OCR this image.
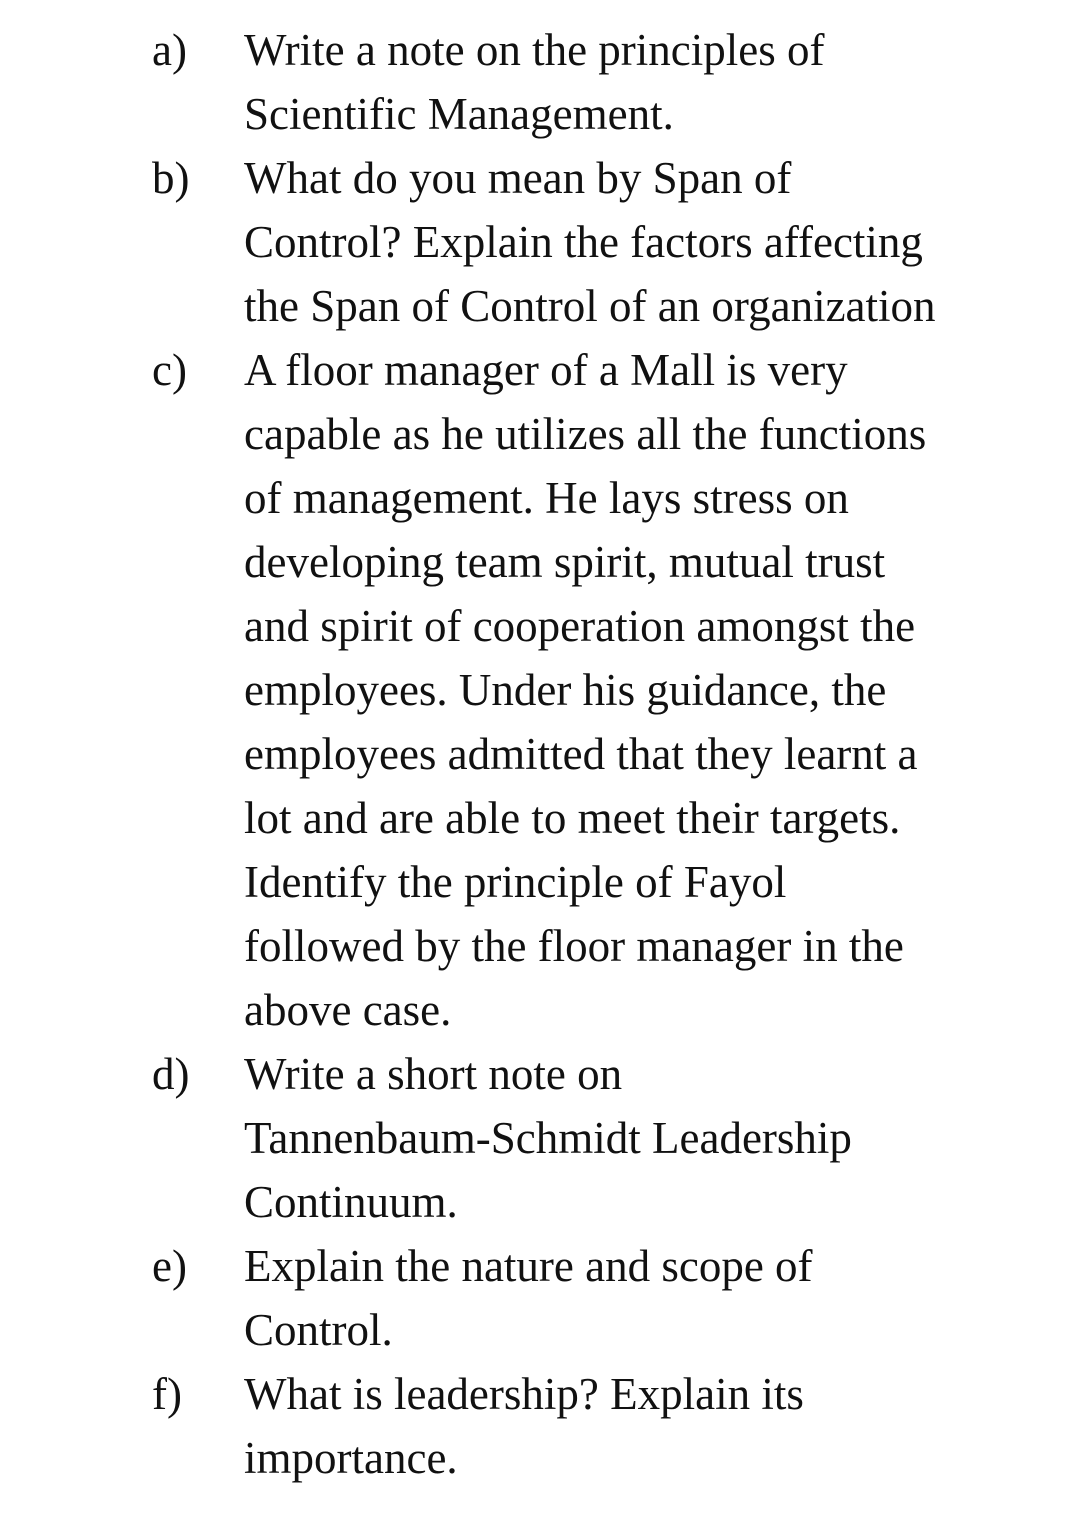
a)	Write a note on the principles of
Scientific Management.
b)	What do you mean by Span of
Control? Explain the factors affecting
the Span of Control of an organization
c)	A floor manager of a Mall is very
capable as he utilizes all the functions
of management. He lays stress on
developing team spirit, mutual trust
and spirit of cooperation amongst the
employees. Under his guidance, the
employees admitted that they learnt a
lot and are able to meet their targets.
Identify the principle of Fayol
followed by the floor manager in the
above case.
d)	Write a short note on
Tannenbaum-Schmidt Leadership
Continuum.
e)	Explain the nature and scope of
Control.
f)	What is leadership? Explain its
importance.
